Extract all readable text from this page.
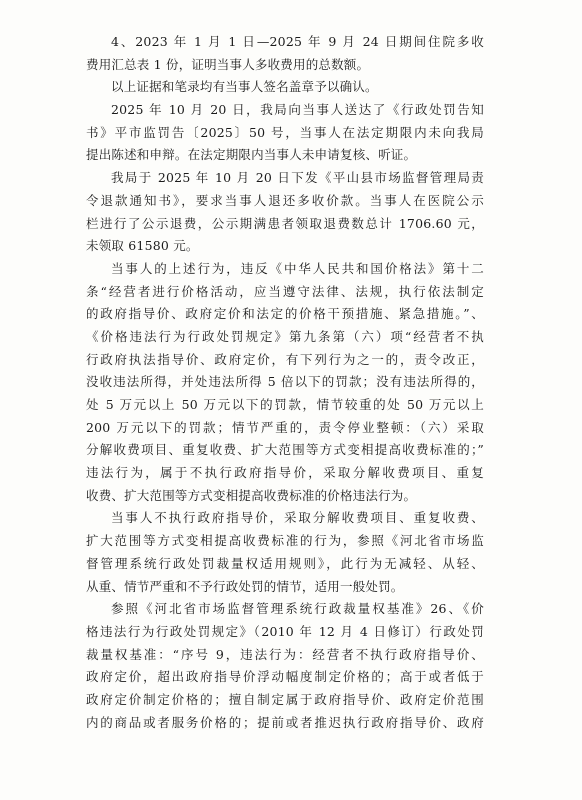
4、2023 年 1 月 1 日—2025 年 9 月 24 日期间住院多收
费用汇总表 1 份，证明当事人多收费用的总数额。
以上证据和笔录均有当事人签名盖章予以确认。
2025 年 10 月 20 日，我局向当事人送达了《行政处罚告知
书》平市监罚告〔2025〕50 号，当事人在法定期限内未向我局
提出陈述和申辩。在法定期限内当事人未申请复核、听证。
我局于 2025 年 10 月 20 日下发《平山县市场监督管理局责
令退款通知书》，要求当事人退还多收价款。当事人在医院公示
栏进行了公示退费，公示期满患者领取退费数总计 1706.60 元，
未领取 61580 元。
当事人的上述行为，违反《中华人民共和国价格法》第十二
条“经营者进行价格活动，应当遵守法律、法规，执行依法制定
的政府指导价、政府定价和法定的价格干预措施、紧急措施。”、
《价格违法行为行政处罚规定》第九条第（六）项“经营者不执
行政府执法指导价、政府定价，有下列行为之一的，责令改正，
没收违法所得，并处违法所得 5 倍以下的罚款；没有违法所得的，
处 5 万元以上 50 万元以下的罚款，情节较重的处 50 万元以上
200 万元以下的罚款；情节严重的，责令停业整顿：（六）采取
分解收费项目、重复收费、扩大范围等方式变相提高收费标准的；”
违法行为，属于不执行政府指导价，采取分解收费项目、重复
收费、扩大范围等方式变相提高收费标准的价格违法行为。
当事人不执行政府指导价，采取分解收费项目、重复收费、
扩大范围等方式变相提高收费标准的行为，参照《河北省市场监
督管理系统行政处罚裁量权适用规则》，此行为无减轻、从轻、
从重、情节严重和不予行政处罚的情节，适用一般处罚。
参照《河北省市场监督管理系统行政裁量权基准》26、《价
格违法行为行政处罚规定》（2010 年 12 月 4 日修订）行政处罚
裁量权基准：“序号 9，违法行为：经营者不执行政府指导价、
政府定价，超出政府指导价浮动幅度制定价格的；高于或者低于
政府定价制定价格的；擅自制定属于政府指导价、政府定价范围
内的商品或者服务价格的；提前或者推迟执行政府指导价、政府
